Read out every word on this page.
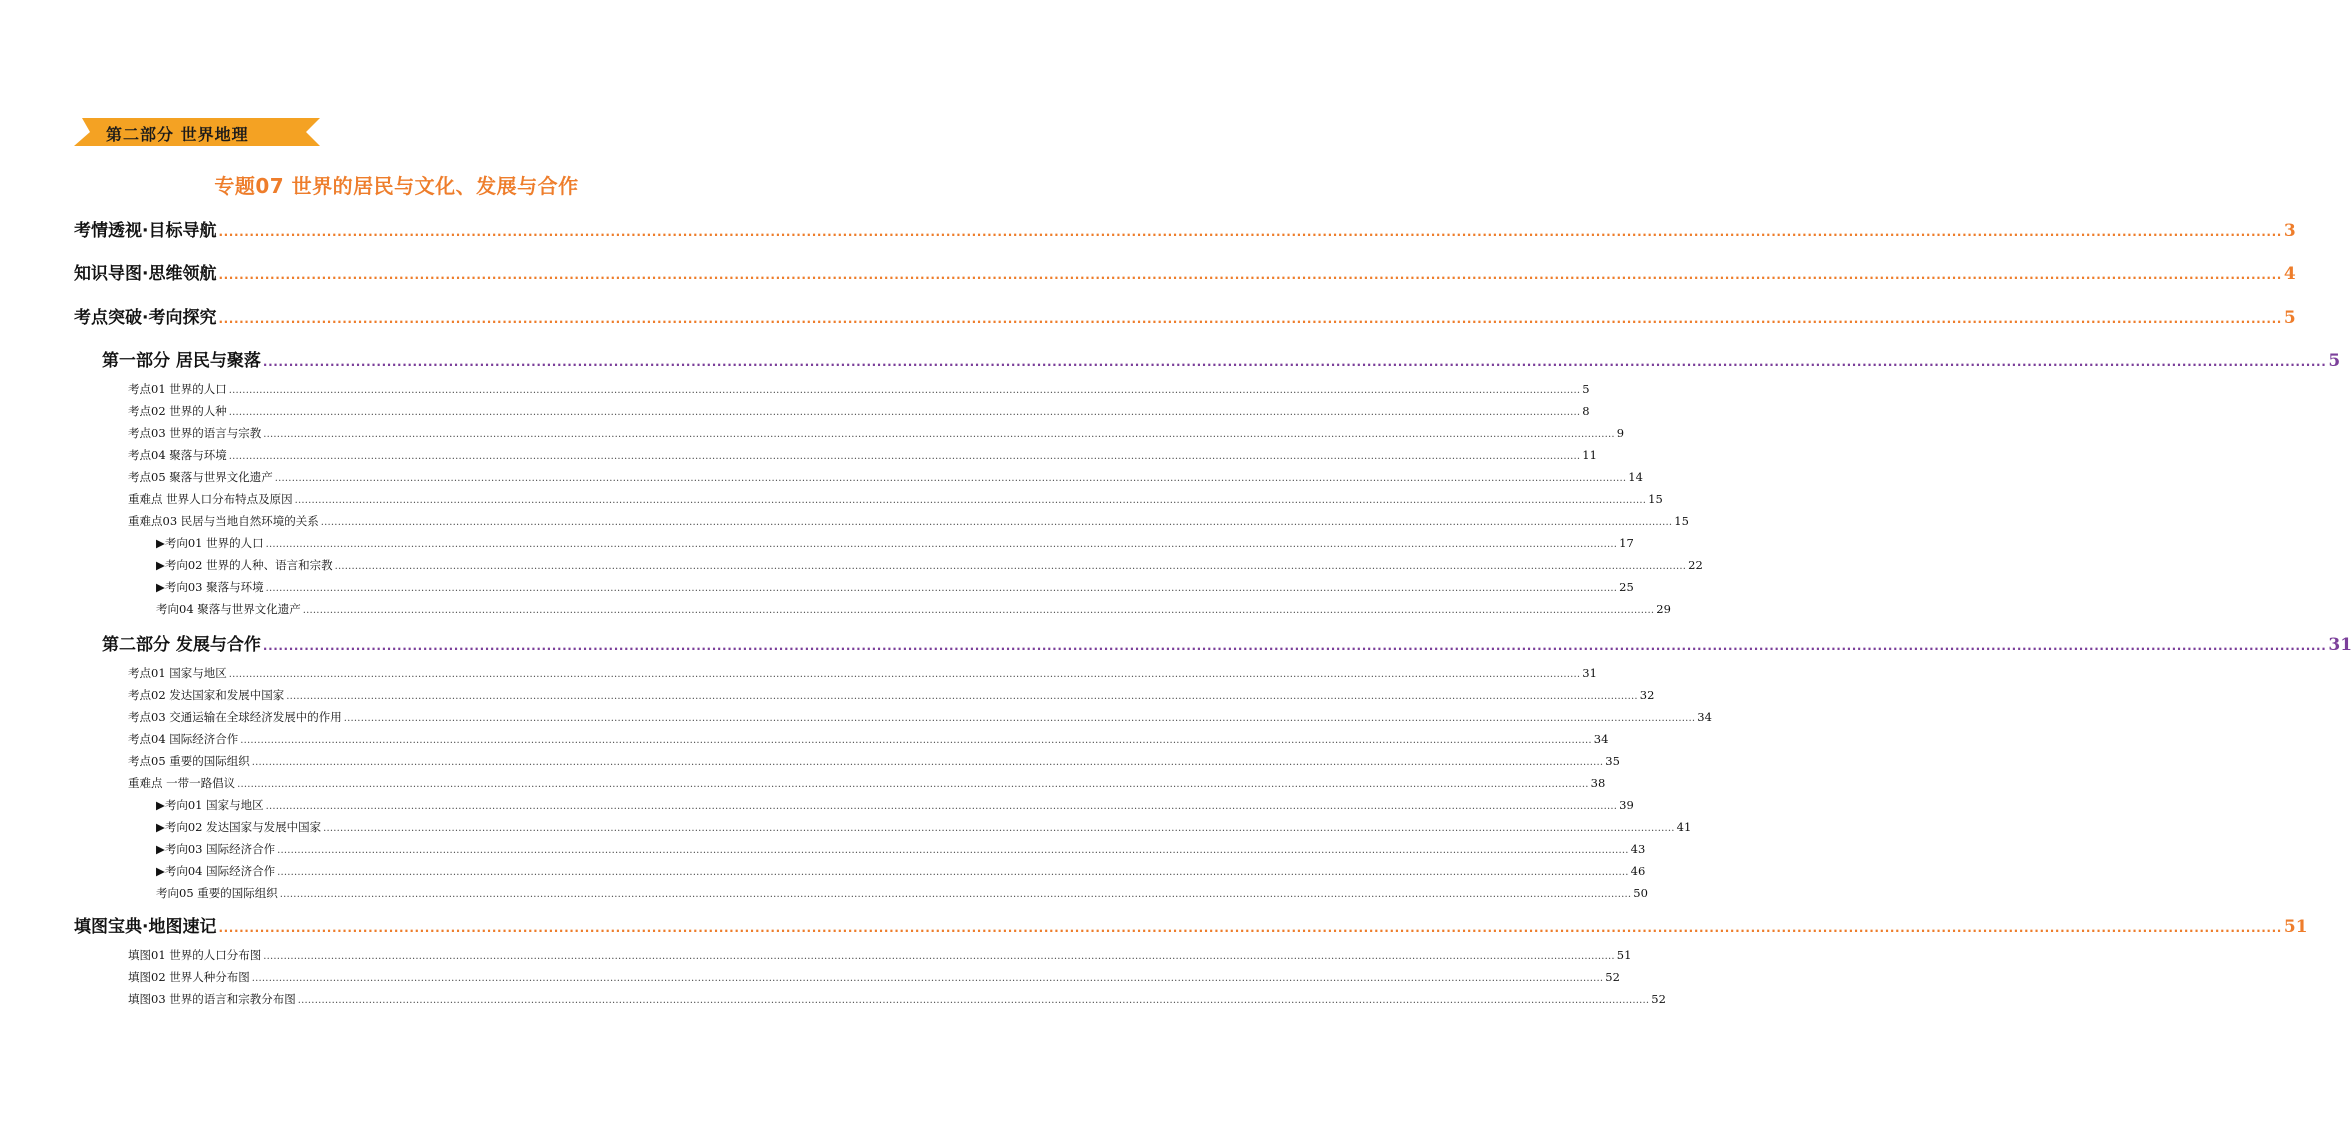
第二部分 世界地理
专题07 世界的居民与文化、发展与合作
考情透视·目标导航 ................................................................................................................................................................................................................................................................................................................................................................................................................ 3
知识导图·思维领航 ................................................................................................................................................................................................................................................................................................................................................................................................................ 4
考点突破·考向探究 ................................................................................................................................................................................................................................................................................................................................................................................................................ 5
第一部分 居民与聚落 ................................................................................................................................................................................................................................................................................................................................................................................................................ 5
考点01 世界的人口 ................................................................................................................................................................................................................................................................................................................................................................................................................ 5
考点02 世界的人种 ................................................................................................................................................................................................................................................................................................................................................................................................................ 8
考点03 世界的语言与宗教 ................................................................................................................................................................................................................................................................................................................................................................................................................ 9
考点04 聚落与环境 ................................................................................................................................................................................................................................................................................................................................................................................................................ 11
考点05 聚落与世界文化遗产 ................................................................................................................................................................................................................................................................................................................................................................................................................ 14
重难点 世界人口分布特点及原因 ................................................................................................................................................................................................................................................................................................................................................................................................................ 15
重难点03 民居与当地自然环境的关系 ................................................................................................................................................................................................................................................................................................................................................................................................................ 15
▶考向01 世界的人口 ................................................................................................................................................................................................................................................................................................................................................................................................................ 17
▶考向02 世界的人种、语言和宗教 ................................................................................................................................................................................................................................................................................................................................................................................................................ 22
▶考向03 聚落与环境 ................................................................................................................................................................................................................................................................................................................................................................................................................ 25
考向04 聚落与世界文化遗产 ................................................................................................................................................................................................................................................................................................................................................................................................................ 29
第二部分 发展与合作 ................................................................................................................................................................................................................................................................................................................................................................................................................ 31
考点01 国家与地区 ................................................................................................................................................................................................................................................................................................................................................................................................................ 31
考点02 发达国家和发展中国家 ................................................................................................................................................................................................................................................................................................................................................................................................................ 32
考点03 交通运输在全球经济发展中的作用 ................................................................................................................................................................................................................................................................................................................................................................................................................ 34
考点04 国际经济合作 ................................................................................................................................................................................................................................................................................................................................................................................................................ 34
考点05 重要的国际组织 ................................................................................................................................................................................................................................................................................................................................................................................................................ 35
重难点 一带一路倡议 ................................................................................................................................................................................................................................................................................................................................................................................................................ 38
▶考向01 国家与地区 ................................................................................................................................................................................................................................................................................................................................................................................................................ 39
▶考向02 发达国家与发展中国家 ................................................................................................................................................................................................................................................................................................................................................................................................................ 41
▶考向03 国际经济合作 ................................................................................................................................................................................................................................................................................................................................................................................................................ 43
▶考向04 国际经济合作 ................................................................................................................................................................................................................................................................................................................................................................................................................ 46
考向05 重要的国际组织 ................................................................................................................................................................................................................................................................................................................................................................................................................ 50
填图宝典·地图速记 ................................................................................................................................................................................................................................................................................................................................................................................................................ 51
填图01 世界的人口分布图 ................................................................................................................................................................................................................................................................................................................................................................................................................ 51
填图02 世界人种分布图 ................................................................................................................................................................................................................................................................................................................................................................................................................ 52
填图03 世界的语言和宗教分布图 ................................................................................................................................................................................................................................................................................................................................................................................................................ 52
